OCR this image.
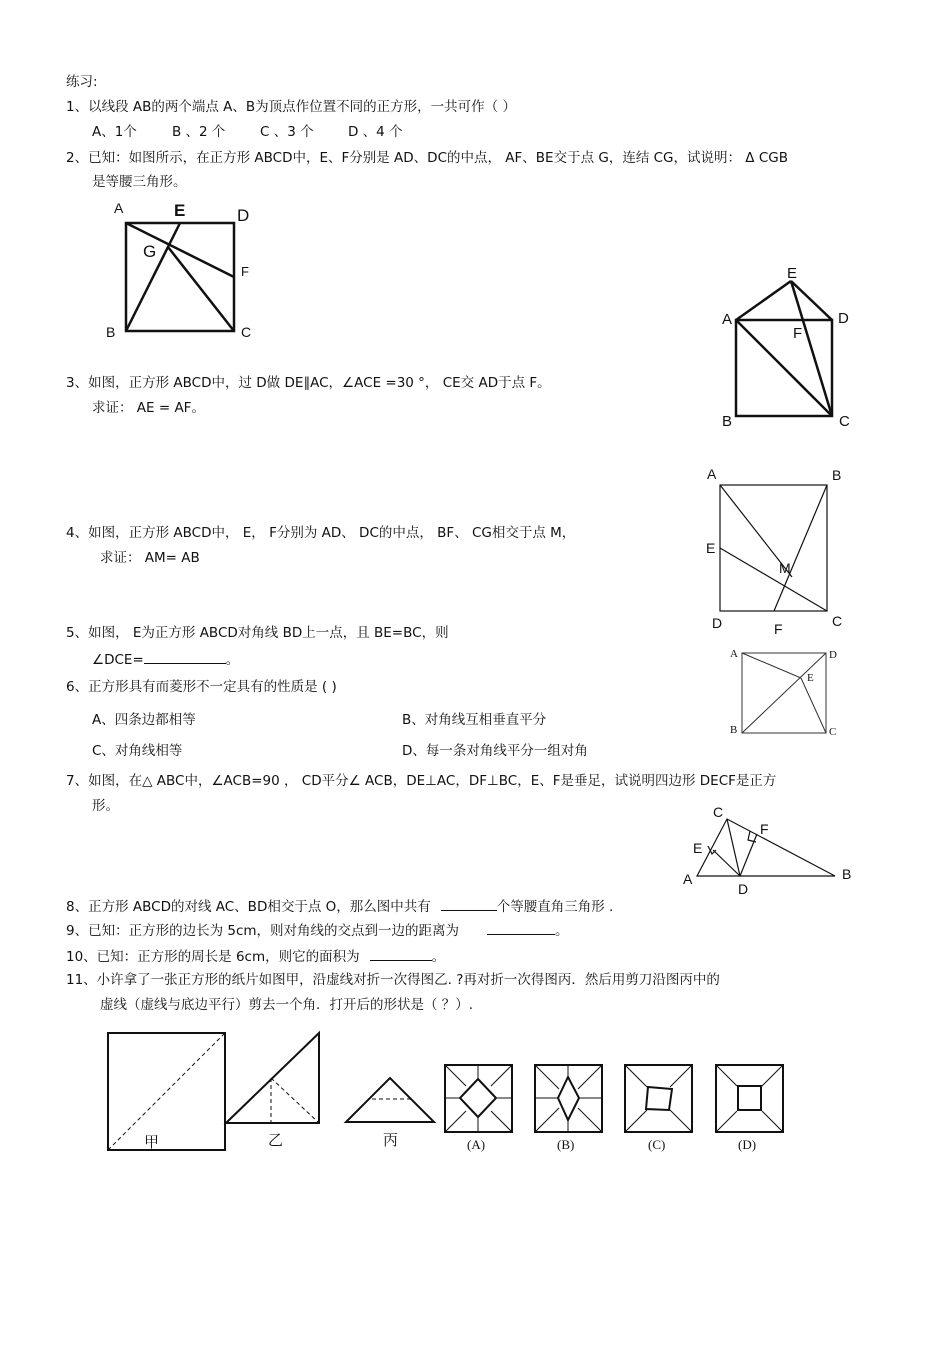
练习:
1、以线段 AB的两个端点 A、B为顶点作位置不同的正方形，一共可作（ ）
A、1个	B 、2 个	C 、3 个	D 、4 个
2、已知：如图所示，在正方形 ABCD中，E、F分别是 AD、DC的中点， AF、BE交于点 G，连结 CG，试说明： Δ CGB
是等腰三角形。
A	E	D
G
F
B	C
E
A	D
F
B	C
3、如图，正方形 ABCD中，过 D做 DE∥AC，∠ACE =30 °， CE交 AD于点 F。
求证： AE = AF。
A	B
E
M
D	F	C
4、如图，正方形 ABCD中， E， F分别为 AD、 DC的中点， BF、 CG相交于点 M，
求证： AM= AB
5、如图， E为正方形 ABCD对角线 BD上一点，且 BE=BC，则
∠DCE=	。	A	D
E
B	C
6、正方形具有而菱形不一定具有的性质是 ( )
A、四条边都相等	B、对角线互相垂直平分
C、对角线相等	D、每一条对角线平分一组对角
7、如图，在△ ABC中，∠ACB=90 ， CD平分∠ ACB，DE⊥AC，DF⊥BC，E、F是垂足，试说明四边形 DECF是正方
形。	C
F
E
A
D
B
8、正方形 ABCD的对线 AC、BD相交于点 O，那么图中共有	个等腰直角三角形 .
9、已知：正方形的边长为 5cm，则对角线的交点到一边的距离为	。
10、已知：正方形的周长是 6cm，则它的面积为	。
11、小许拿了一张正方形的纸片如图甲，沿虚线对折一次得图乙. ?再对折一次得图丙．然后用剪刀沿图丙中的
虚线（虚线与底边平行）剪去一个角．打开后的形状是（ ？）.
甲	乙	丙	(A)	(B)	(C)	(D)
